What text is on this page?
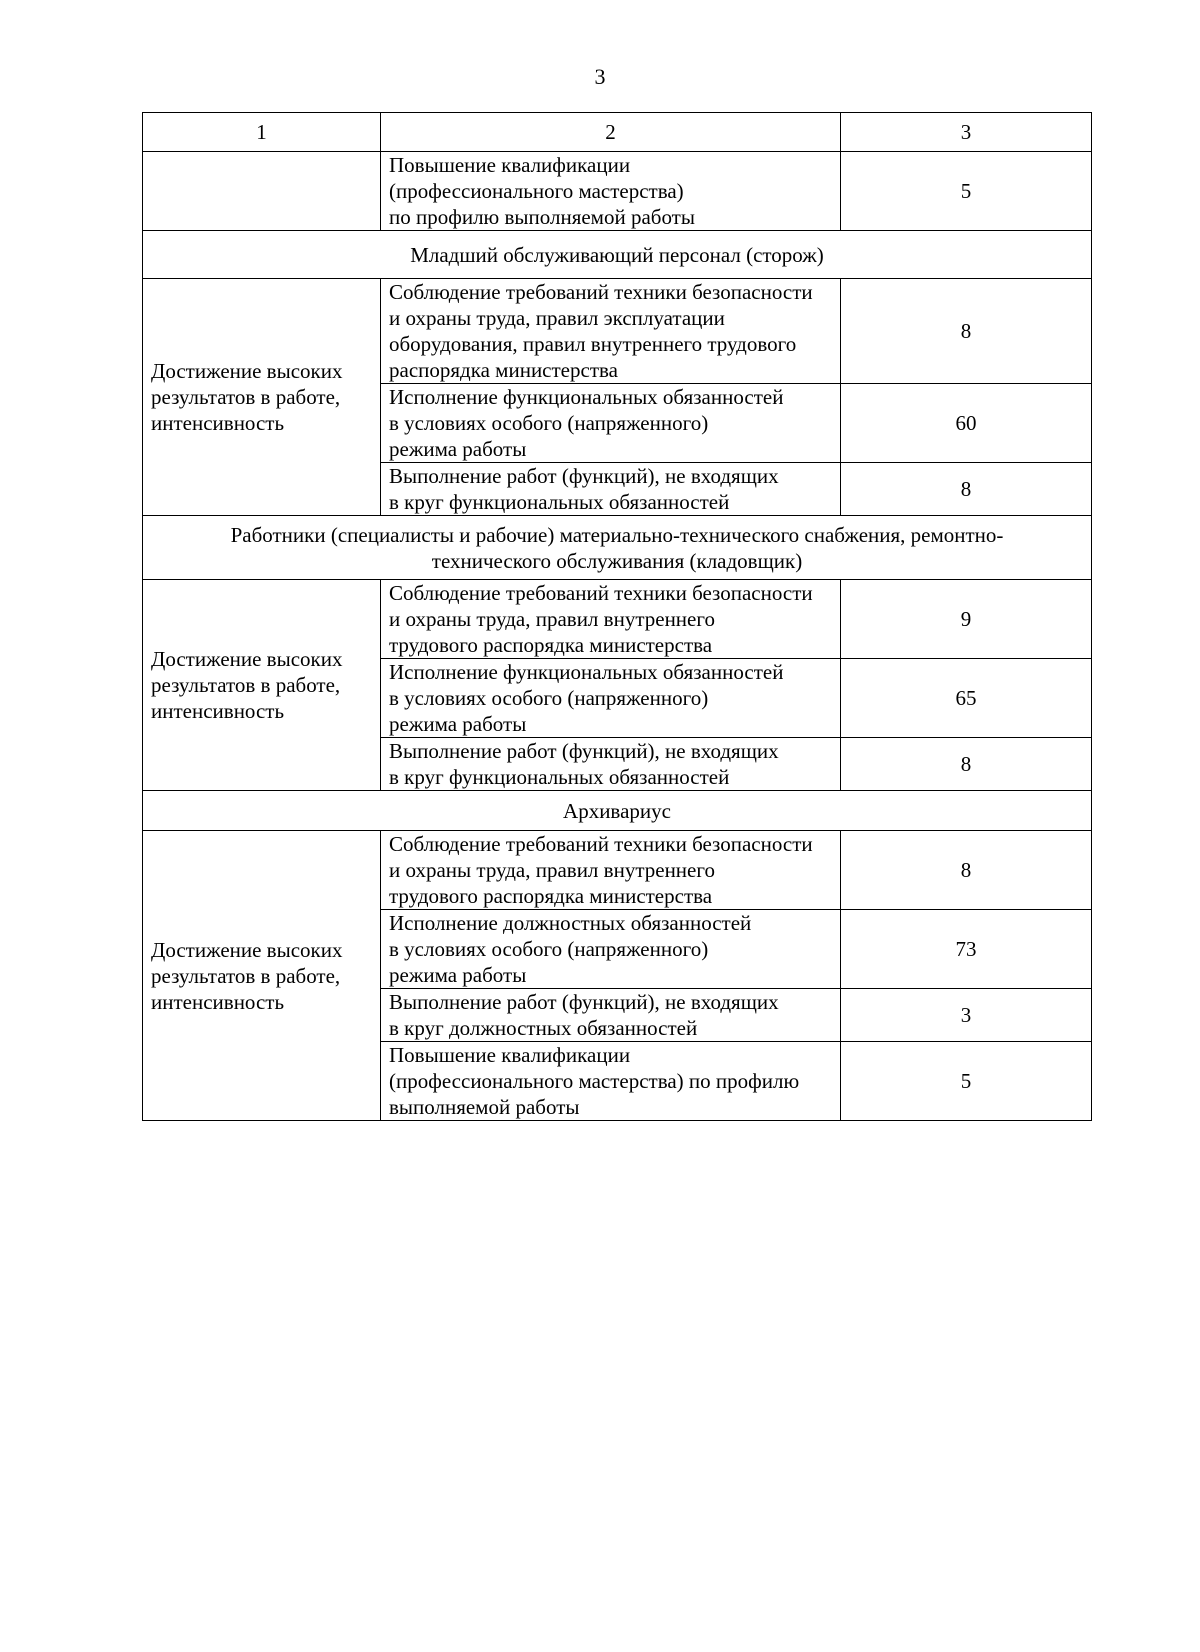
3
1	2	3

	Повышение квалификации
(профессионального мастерства)
по профилю выполняемой работы	5

Младший обслуживающий персонал (сторож)		

Достижение высоких
результатов в работе,
интенсивность	Соблюдение требований техники безопасности
и охраны труда, правил эксплуатации
оборудования, правил внутреннего трудового
распорядка министерства	8

	Исполнение функциональных обязанностей
в условиях особого (напряженного)
режима работы	60

	Выполнение работ (функций), не входящих
в круг функциональных обязанностей	8

Работники (специалисты и рабочие) материально-технического снабжения, ремонтно-
технического обслуживания (кладовщик)		

Достижение высоких
результатов в работе,
интенсивность	Соблюдение требований техники безопасности
и охраны труда, правил внутреннего
трудового распорядка министерства	9

	Исполнение функциональных обязанностей
в условиях особого (напряженного)
режима работы	65

	Выполнение работ (функций), не входящих
в круг функциональных обязанностей	8

Архивариус		

Достижение высоких
результатов в работе,
интенсивность	Соблюдение требований техники безопасности
и охраны труда, правил внутреннего
трудового распорядка министерства	8

	Исполнение должностных обязанностей
в условиях особого (напряженного)
режима работы	73

	Выполнение работ (функций), не входящих
в круг должностных обязанностей	3

	Повышение квалификации
(профессионального мастерства) по профилю
выполняемой работы	5
